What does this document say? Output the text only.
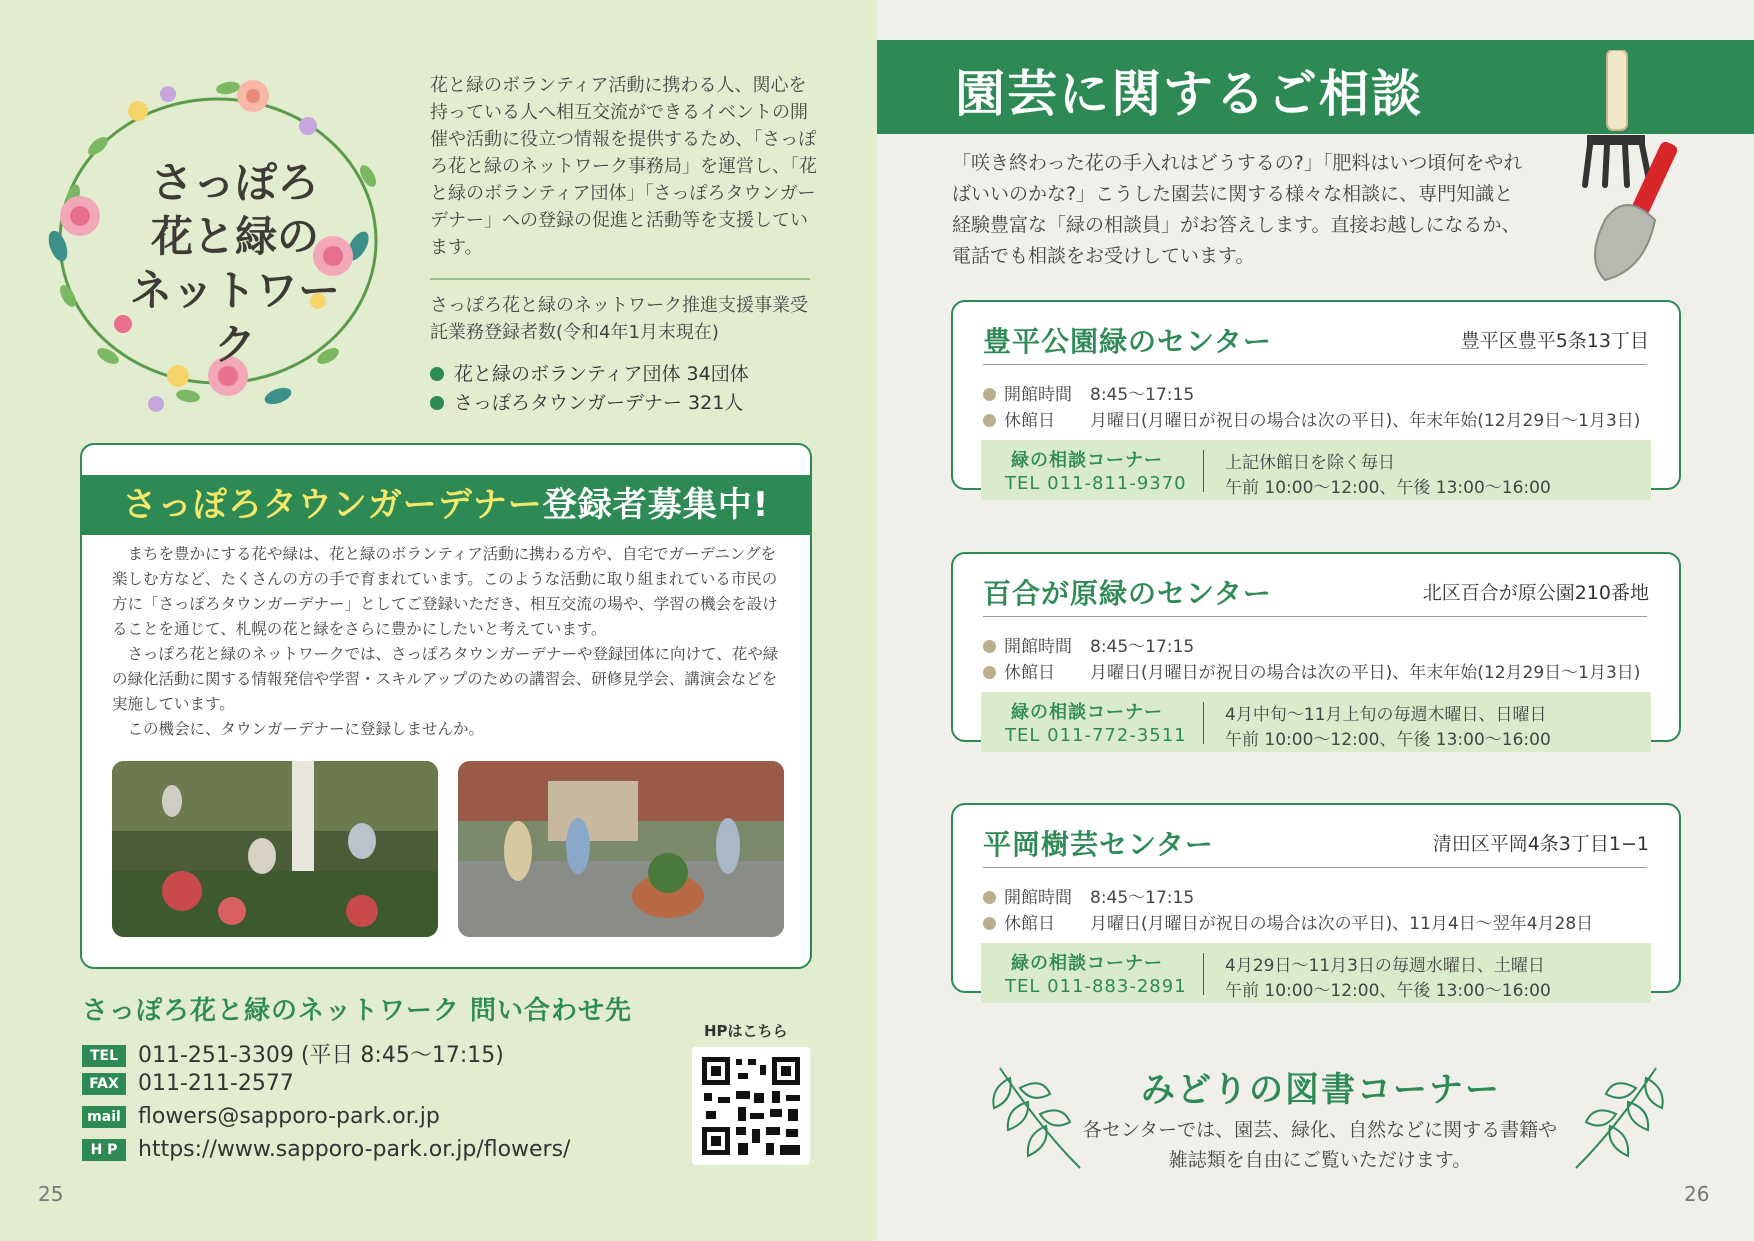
さっぽろ
花と緑の
ネットワーク
花と緑のボランティア活動に携わる人、関心を持っている人へ相互交流ができるイベントの開催や活動に役立つ情報を提供するため、「さっぽろ花と緑のネットワーク事務局」を運営し、「花と緑のボランティア団体」「さっぽろタウンガーデナー」への登録の促進と活動等を支援しています。
さっぽろ花と緑のネットワーク推進支援事業受託業務登録者数(令和4年1月末現在)
花と緑のボランティア団体 34団体
さっぽろタウンガーデナー 321人
さっぽろタウンガーデナー登録者募集中!

まちを豊かにする花や緑は、花と緑のボランティア活動に携わる方や、自宅でガーデニングを楽しむ方など、たくさんの方の手で育まれています。このような活動に取り組まれている市民の方に「さっぽろタウンガーデナー」としてご登録いただき、相互交流の場や、学習の機会を設けることを通じて、札幌の花と緑をさらに豊かにしたいと考えています。

さっぽろ花と緑のネットワークでは、さっぽろタウンガーデナーや登録団体に向けて、花や緑の緑化活動に関する情報発信や学習・スキルアップのための講習会、研修見学会、講演会などを実施しています。

この機会に、タウンガーデナーに登録しませんか。

さっぽろ花と緑のネットワーク 問い合わせ先
TEL 011-251-3309 (平日 8:45〜17:15)
FAX 011-211-2577
mail flowers@sapporo-park.or.jp
H P https://www.sapporo-park.or.jp/flowers/
HPはこちら
25
園芸に関するご相談
「咲き終わった花の手入れはどうするの?」「肥料はいつ頃何をやればいいのかな?」こうした園芸に関する様々な相談に、専門知識と経験豊富な「緑の相談員」がお答えします。直接お越しになるか、電話でも相談をお受けしています。
豊平公園緑のセンター	豊平区豊平5条13丁目
開館時間 8:45〜17:15
休館日 月曜日(月曜日が祝日の場合は次の平日)、年末年始(12月29日〜1月3日)
緑の相談コーナー
TEL 011-811-9370
上記休館日を除く毎日
午前 10:00〜12:00、午後 13:00〜16:00
百合が原緑のセンター	北区百合が原公園210番地
開館時間 8:45〜17:15
休館日 月曜日(月曜日が祝日の場合は次の平日)、年末年始(12月29日〜1月3日)
緑の相談コーナー
TEL 011-772-3511
4月中旬〜11月上旬の毎週木曜日、日曜日
午前 10:00〜12:00、午後 13:00〜16:00
平岡樹芸センター	清田区平岡4条3丁目1−1
開館時間 8:45〜17:15
休館日 月曜日(月曜日が祝日の場合は次の平日)、11月4日〜翌年4月28日
緑の相談コーナー
TEL 011-883-2891
4月29日〜11月3日の毎週水曜日、土曜日
午前 10:00〜12:00、午後 13:00〜16:00
みどりの図書コーナー
各センターでは、園芸、緑化、自然などに関する書籍や
雑誌類を自由にご覧いただけます。
26
